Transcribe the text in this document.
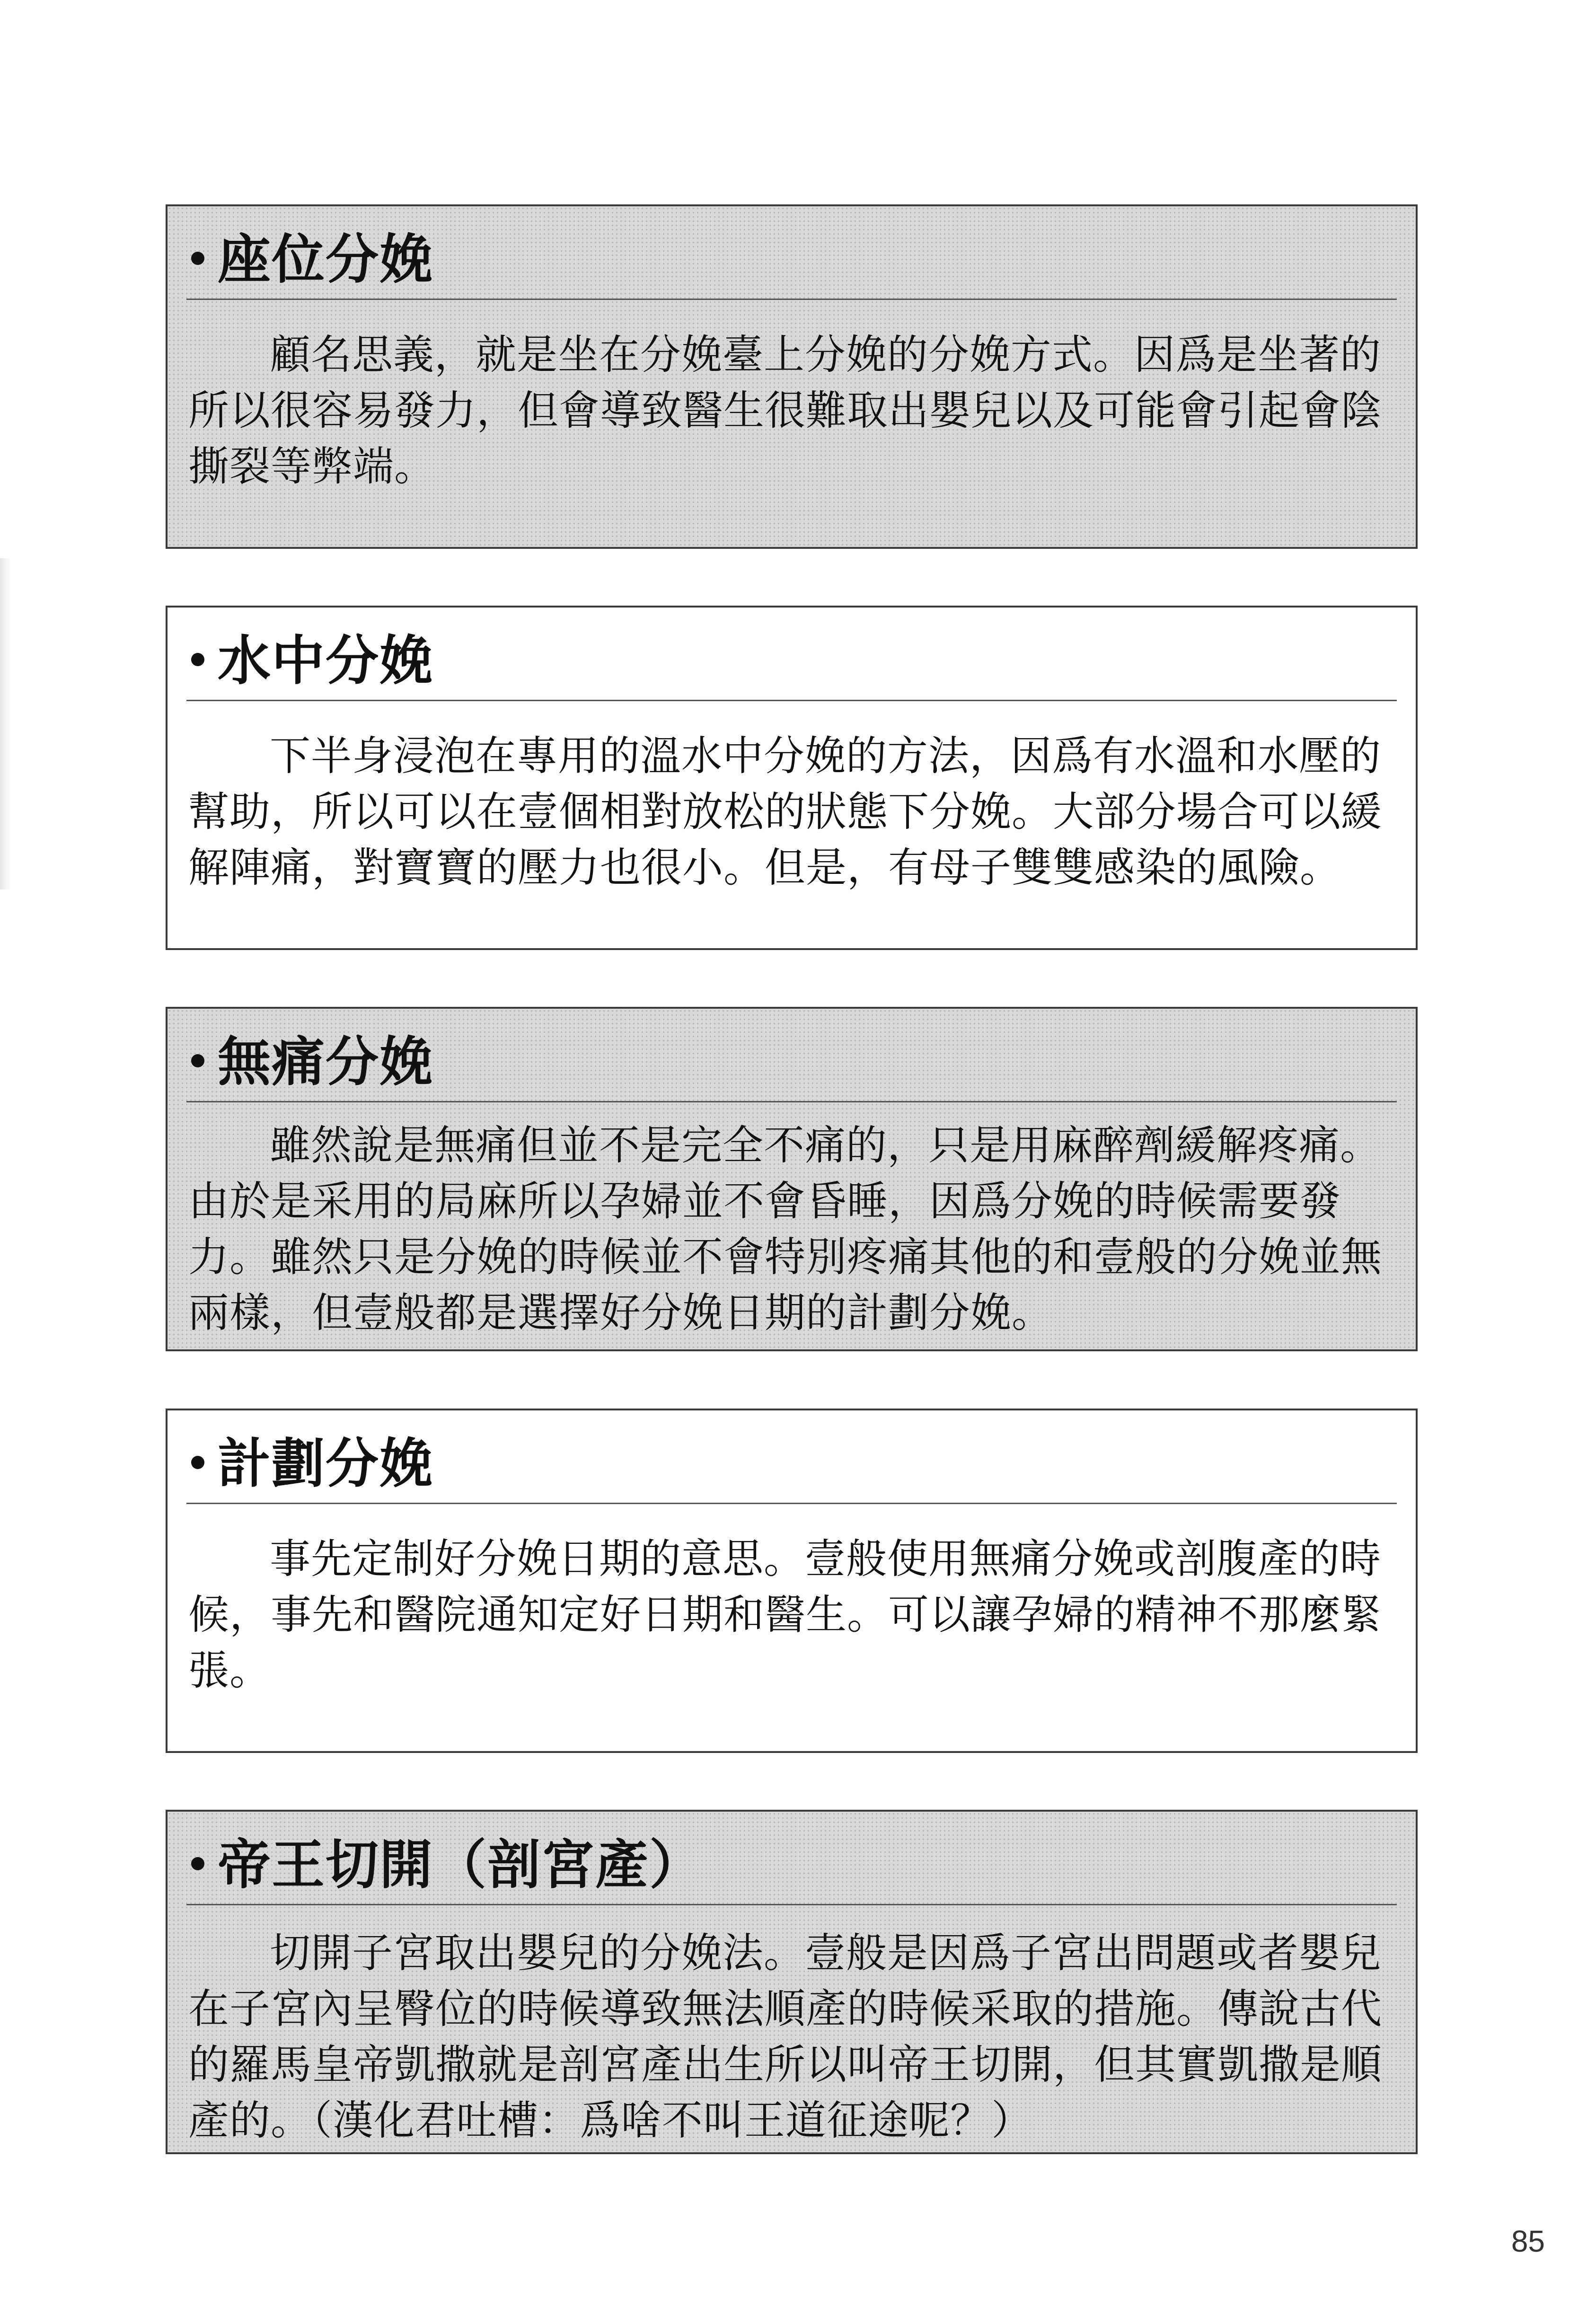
座位分娩
顧名思義，就是坐在分娩臺上分娩的分娩方式。因爲是坐著的所以很容易發力，但會導致醫生很難取出嬰兒以及可能會引起會陰撕裂等弊端。
水中分娩
下半身浸泡在專用的溫水中分娩的方法，因爲有水溫和水壓的幫助，所以可以在壹個相對放松的狀態下分娩。大部分場合可以緩解陣痛，對寶寶的壓力也很小。但是，有母子雙雙感染的風險。
無痛分娩
雖然說是無痛但並不是完全不痛的，只是用麻醉劑緩解疼痛。由於是采用的局麻所以孕婦並不會昏睡，因爲分娩的時候需要發力。雖然只是分娩的時候並不會特別疼痛其他的和壹般的分娩並無兩樣，但壹般都是選擇好分娩日期的計劃分娩。
計劃分娩
事先定制好分娩日期的意思。壹般使用無痛分娩或剖腹產的時候，事先和醫院通知定好日期和醫生。可以讓孕婦的精神不那麼緊張。
帝王切開（剖宮產）
切開子宮取出嬰兒的分娩法。壹般是因爲子宮出問題或者嬰兒在子宮內呈臀位的時候導致無法順產的時候采取的措施。傳說古代的羅馬皇帝凱撒就是剖宮產出生所以叫帝王切開，但其實凱撒是順產的。（漢化君吐槽：爲啥不叫王道征途呢？）
85
